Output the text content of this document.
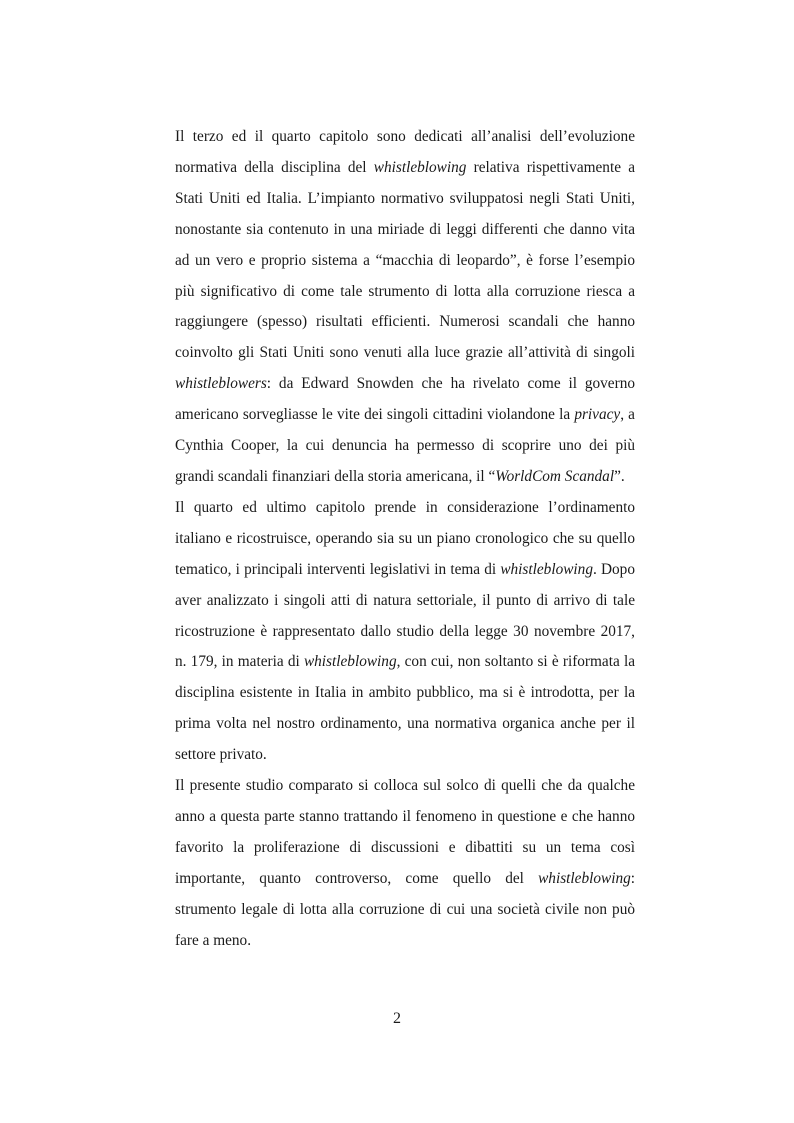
Il terzo ed il quarto capitolo sono dedicati all’analisi dell’evoluzione normativa della disciplina del whistleblowing relativa rispettivamente a Stati Uniti ed Italia. L’impianto normativo sviluppatosi negli Stati Uniti, nonostante sia contenuto in una miriade di leggi differenti che danno vita ad un vero e proprio sistema a “macchia di leopardo”, è forse l’esempio più significativo di come tale strumento di lotta alla corruzione riesca a raggiungere (spesso) risultati efficienti. Numerosi scandali che hanno coinvolto gli Stati Uniti sono venuti alla luce grazie all’attività di singoli whistleblowers: da Edward Snowden che ha rivelato come il governo americano sorvegliasse le vite dei singoli cittadini violandone la privacy, a Cynthia Cooper, la cui denuncia ha permesso di scoprire uno dei più grandi scandali finanziari della storia americana, il “WorldCom Scandal”.

Il quarto ed ultimo capitolo prende in considerazione l’ordinamento italiano e ricostruisce, operando sia su un piano cronologico che su quello tematico, i principali interventi legislativi in tema di whistleblowing. Dopo aver analizzato i singoli atti di natura settoriale, il punto di arrivo di tale ricostruzione è rappresentato dallo studio della legge 30 novembre 2017, n. 179, in materia di whistleblowing, con cui, non soltanto si è riformata la disciplina esistente in Italia in ambito pubblico, ma si è introdotta, per la prima volta nel nostro ordinamento, una normativa organica anche per il settore privato.

Il presente studio comparato si colloca sul solco di quelli che da qualche anno a questa parte stanno trattando il fenomeno in questione e che hanno favorito la proliferazione di discussioni e dibattiti su un tema così importante, quanto controverso, come quello del whistleblowing: strumento legale di lotta alla corruzione di cui una società civile non può fare a meno.

2
